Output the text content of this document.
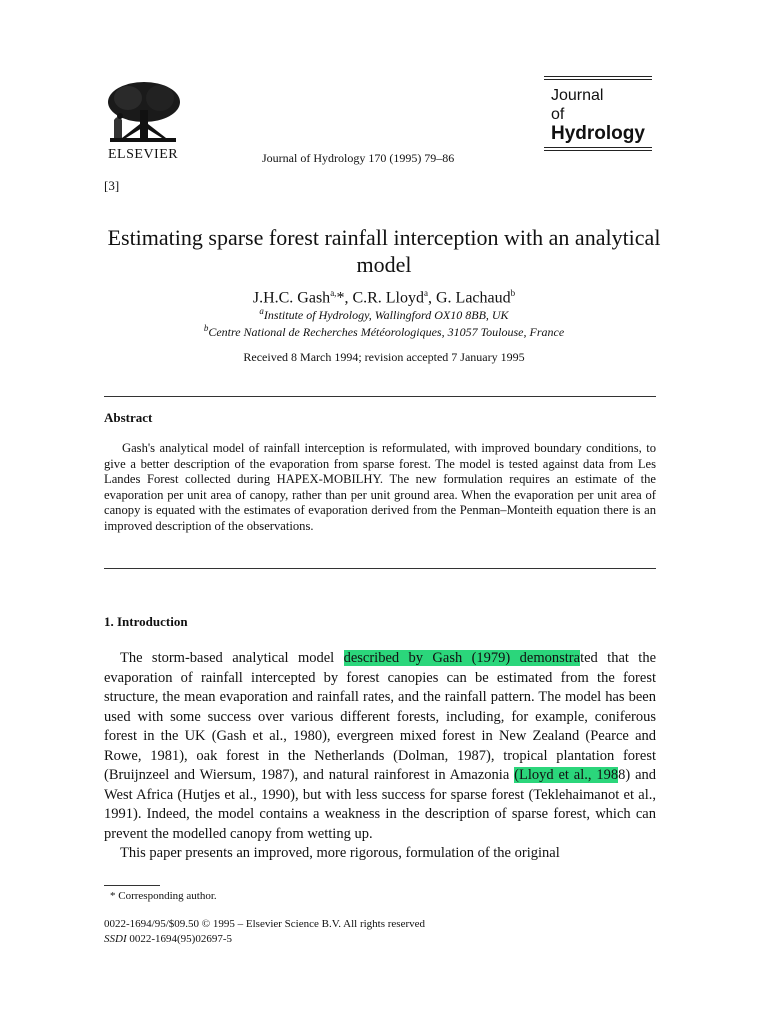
ELSEVIER	Journal of Hydrology 170 (1995) 79–86
[3]
Journal
of
Hydrology
Estimating sparse forest rainfall interception with an analytical model
J.H.C. Gash$^{a,}$*, C.R. Lloyd$^a$, G. Lachaud$^b$
$^a$Institute of Hydrology, Wallingford OX10 8BB, UK
$^b$Centre National de Recherches Météorologiques, 31057 Toulouse, France
Received 8 March 1994; revision accepted 7 January 1995
Abstract
Gash's analytical model of rainfall interception is reformulated, with improved boundary conditions, to give a better description of the evaporation from sparse forest. The model is tested against data from Les Landes Forest collected during HAPEX-MOBILHY. The new formulation requires an estimate of the evaporation per unit area of canopy, rather than per unit ground area. When the evaporation per unit area of canopy is equated with the estimates of evaporation derived from the Penman–Monteith equation there is an improved description of the observations.
1. Introduction

The storm-based analytical model described by Gash (1979) demonstrated that the evaporation of rainfall intercepted by forest canopies can be estimated from the forest structure, the mean evaporation and rainfall rates, and the rainfall pattern. The model has been used with some success over various different forests, including, for example, coniferous forest in the UK (Gash et al., 1980), evergreen mixed forest in New Zealand (Pearce and Rowe, 1981), oak forest in the Netherlands (Dolman, 1987), tropical plantation forest (Bruijnzeel and Wiersum, 1987), and natural rainforest in Amazonia (Lloyd et al., 1988) and West Africa (Hutjes et al., 1990), but with less success for sparse forest (Teklehaimanot et al., 1991). Indeed, the model contains a weakness in the description of sparse forest, which can prevent the modelled canopy from wetting up.

This paper presents an improved, more rigorous, formulation of the original

* Corresponding author.
0022-1694/95/$09.50 © 1995 – Elsevier Science B.V. All rights reserved
SSDI 0022-1694(95)02697-5
